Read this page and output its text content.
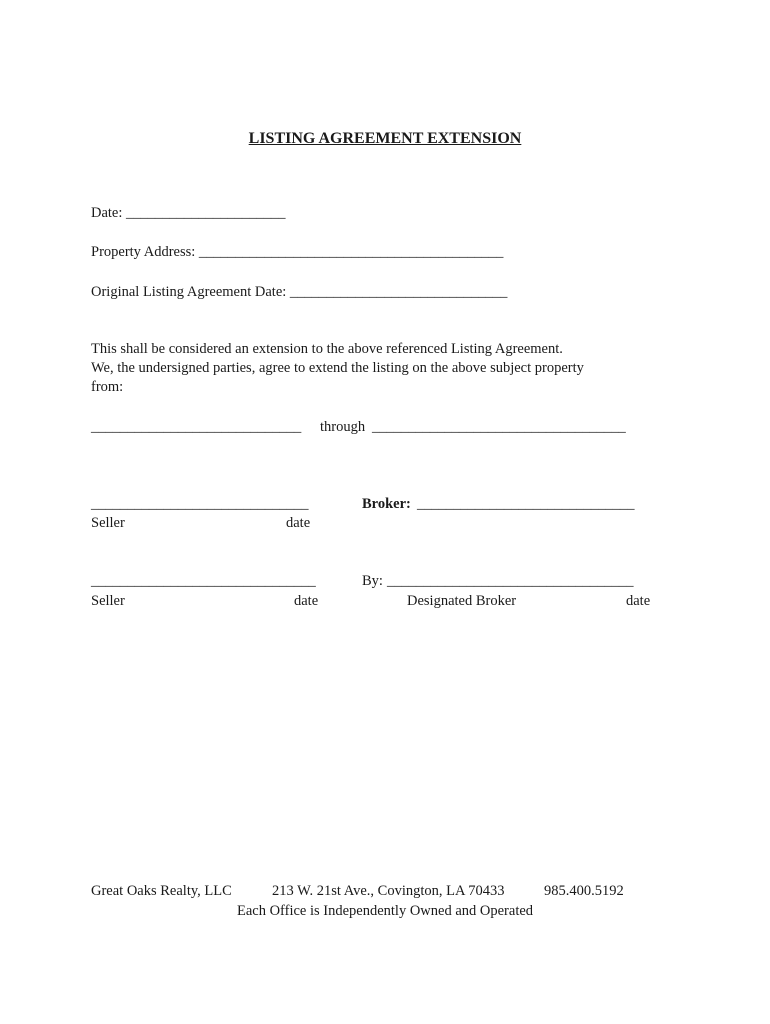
LISTING AGREEMENT EXTENSION
Date: ______________________
Property Address: __________________________________________
Original Listing Agreement Date: ______________________________
This shall be considered an extension to the above referenced Listing Agreement.
We, the undersigned parties, agree to extend the listing on the above subject property
from:
_____________________________ through ___________________________________
______________________________
Seller	date
Broker: ______________________________
_______________________________
Seller	date
By: __________________________________
Designated Broker	date
Great Oaks Realty, LLC	213 W. 21st Ave., Covington, LA 70433	985.400.5192
Each Office is Independently Owned and Operated
